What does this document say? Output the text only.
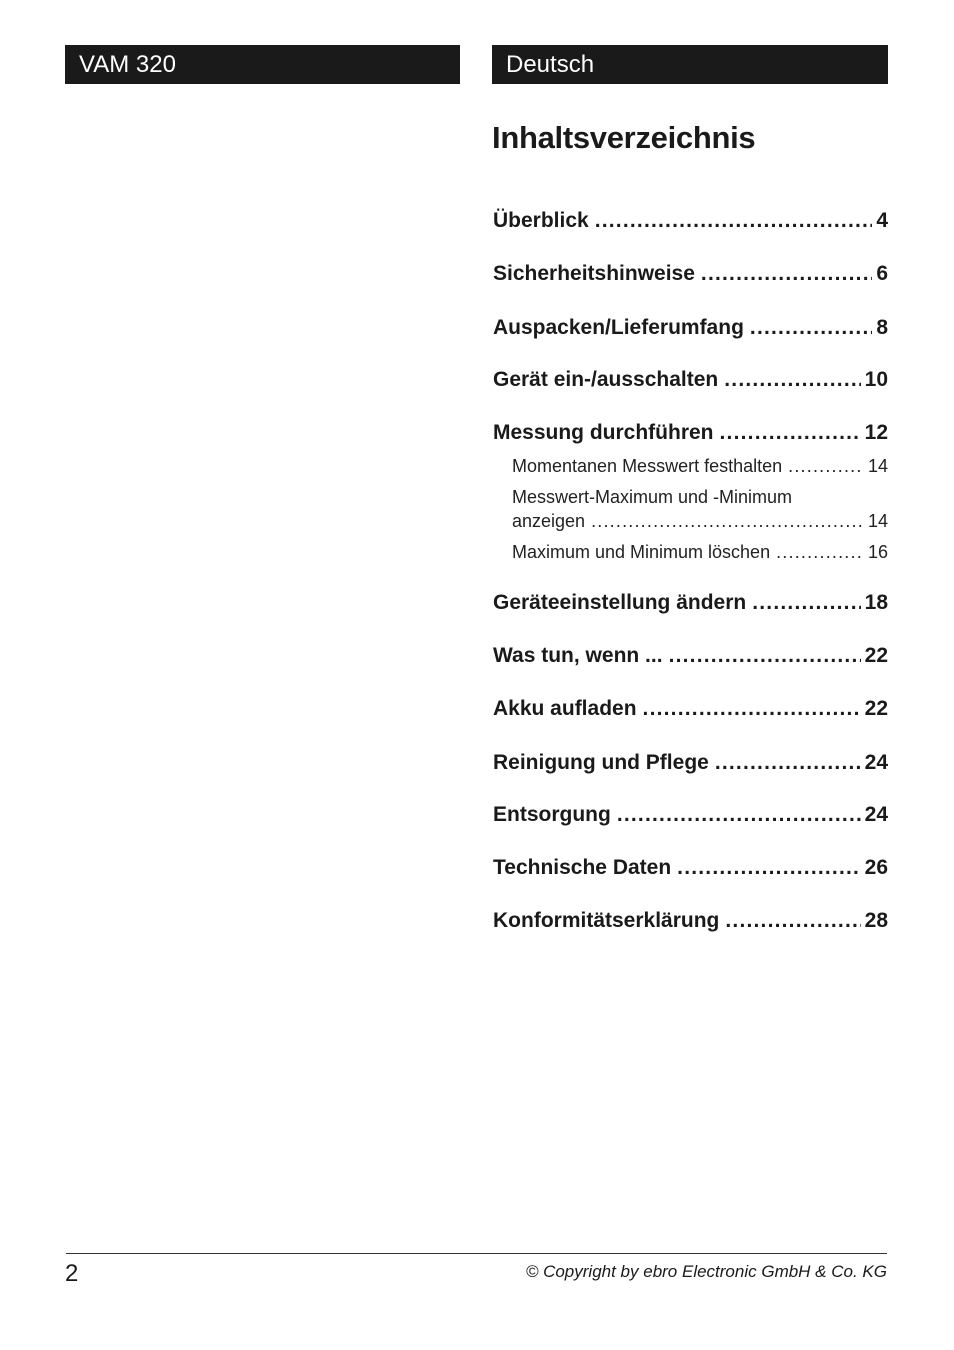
VAM 320	Deutsch
Inhaltsverzeichnis
Überblick .....	4
Sicherheitshinweise .....	6
Auspacken/Lieferumfang .....	8
Gerät ein-/ausschalten .....	10
Messung durchführen .....	12
Momentanen Messwert festhalten .....	14
Messwert-Maximum und -Minimum
anzeigen .....	14
Maximum und Minimum löschen .....	16
Geräteeinstellung ändern .....	18
Was tun, wenn ... .....	22
Akku aufladen .....	22
Reinigung und Pflege .....	24
Entsorgung .....	24
Technische Daten .....	26
Konformitätserklärung .....	28
2	© Copyright by ebro Electronic GmbH & Co. KG
